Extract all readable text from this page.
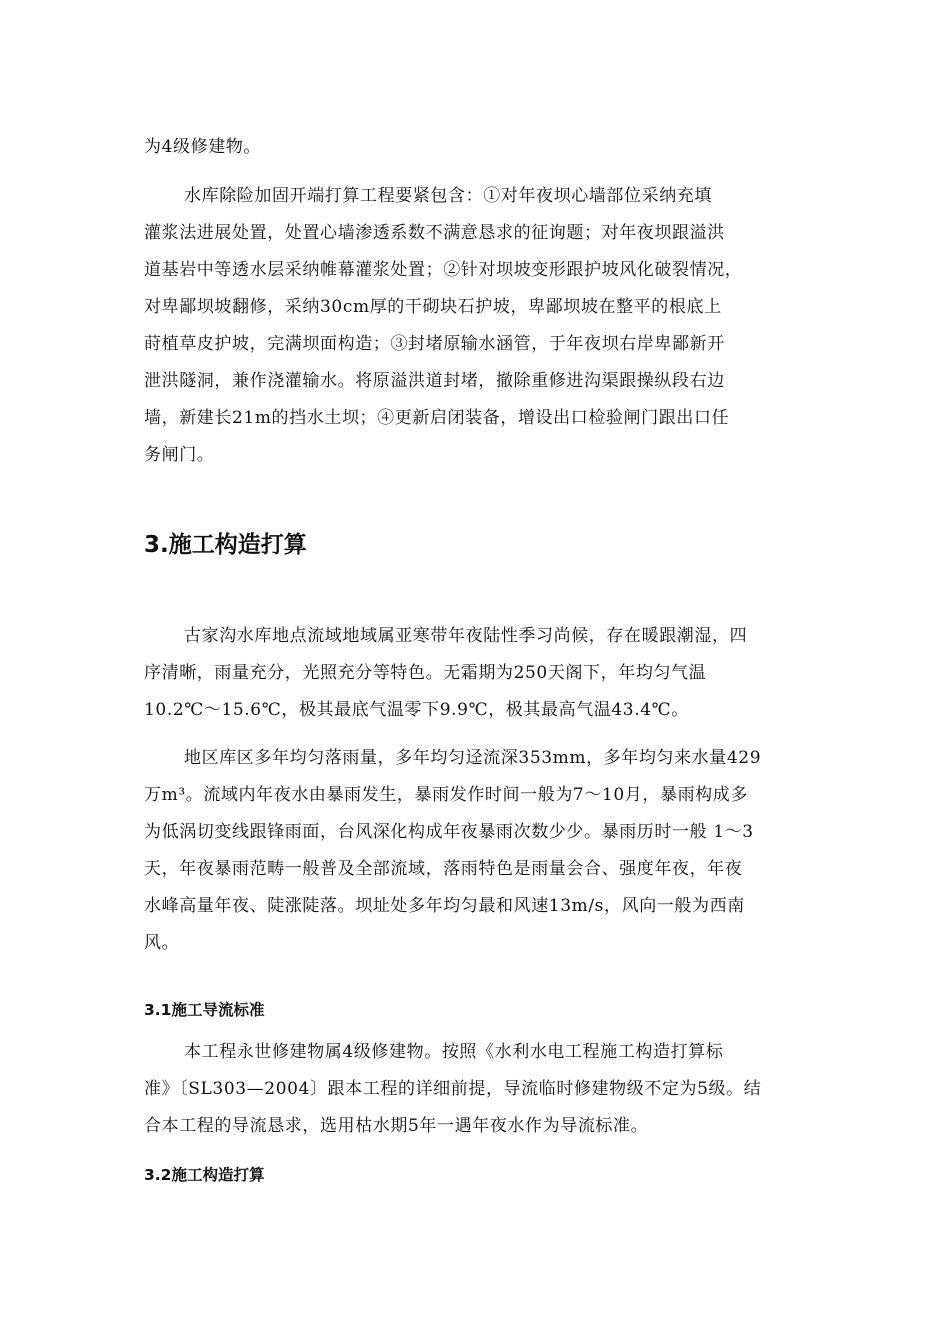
为4级修建物。
水库除险加固开端打算工程要紧包含：①对年夜坝心墙部位采纳充填
灌浆法进展处置，处置心墙渗透系数不满意恳求的征询题；对年夜坝跟溢洪
道基岩中等透水层采纳帷幕灌浆处置；②针对坝坡变形跟护坡风化破裂情况，
对卑鄙坝坡翻修，采纳30cm厚的干砌块石护坡，卑鄙坝坡在整平的根底上
莳植草皮护坡，完满坝面构造；③封堵原输水涵管，于年夜坝右岸卑鄙新开
泄洪隧洞，兼作浇灌输水。将原溢洪道封堵，撤除重修进沟渠跟操纵段右边
墙，新建长21m的挡水土坝；④更新启闭装备，增设出口检验闸门跟出口任
务闸门。
3.施工构造打算
古家沟水库地点流域地域属亚寒带年夜陆性季习尚候，存在暖跟潮湿，四
序清晰，雨量充分，光照充分等特色。无霜期为250天阁下，年均匀气温
10.2℃～15.6℃，极其最底气温零下9.9℃，极其最高气温43.4℃。
地区库区多年均匀落雨量，多年均匀迳流深353mm，多年均匀来水量429
万m³。流域内年夜水由暴雨发生，暴雨发作时间一般为7～10月，暴雨构成多
为低涡切变线跟锋雨面，台风深化构成年夜暴雨次数少少。暴雨历时一般 1～3
天，年夜暴雨范畴一般普及全部流域，落雨特色是雨量会合、强度年夜，年夜
水峰高量年夜、陡涨陡落。坝址处多年均匀最和风速13m/s，风向一般为西南
风。
3.1施工导流标准
本工程永世修建物属4级修建物。按照《水利水电工程施工构造打算标
准》〔SL303—2004〕跟本工程的详细前提，导流临时修建物级不定为5级。结
合本工程的导流恳求，选用枯水期5年一遇年夜水作为导流标准。
3.2施工构造打算
